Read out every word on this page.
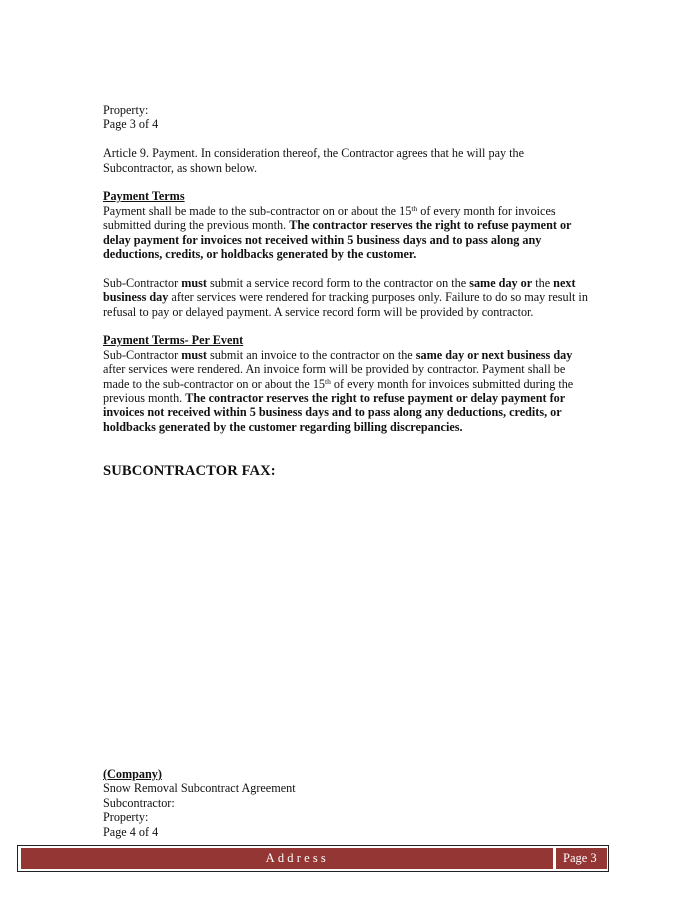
Property:

Page 3 of 4

Article 9. Payment. In consideration thereof, the Contractor agrees that he will pay the

Subcontractor, as shown below.

Payment Terms

Payment shall be made to the sub-contractor on or about the 15th of every month for invoices submitted during the previous month. The contractor reserves the right to refuse payment or delay payment for invoices not received within 5 business days and to pass along any deductions, credits, or holdbacks generated by the customer.

Sub-Contractor must submit a service record form to the contractor on the same day or the next business day after services were rendered for tracking purposes only. Failure to do so may result in refusal to pay or delayed payment. A service record form will be provided by contractor.

Payment Terms- Per Event

Sub-Contractor must submit an invoice to the contractor on the same day or next business day after services were rendered. An invoice form will be provided by contractor. Payment shall be made to the sub-contractor on or about the 15th of every month for invoices submitted during the previous month. The contractor reserves the right to refuse payment or delay payment for invoices not received within 5 business days and to pass along any deductions, credits, or holdbacks generated by the customer regarding billing discrepancies.

SUBCONTRACTOR FAX:
(Company)
Snow Removal Subcontract Agreement
Subcontractor:
Property:
Page 4 of 4
Address	Page 3
